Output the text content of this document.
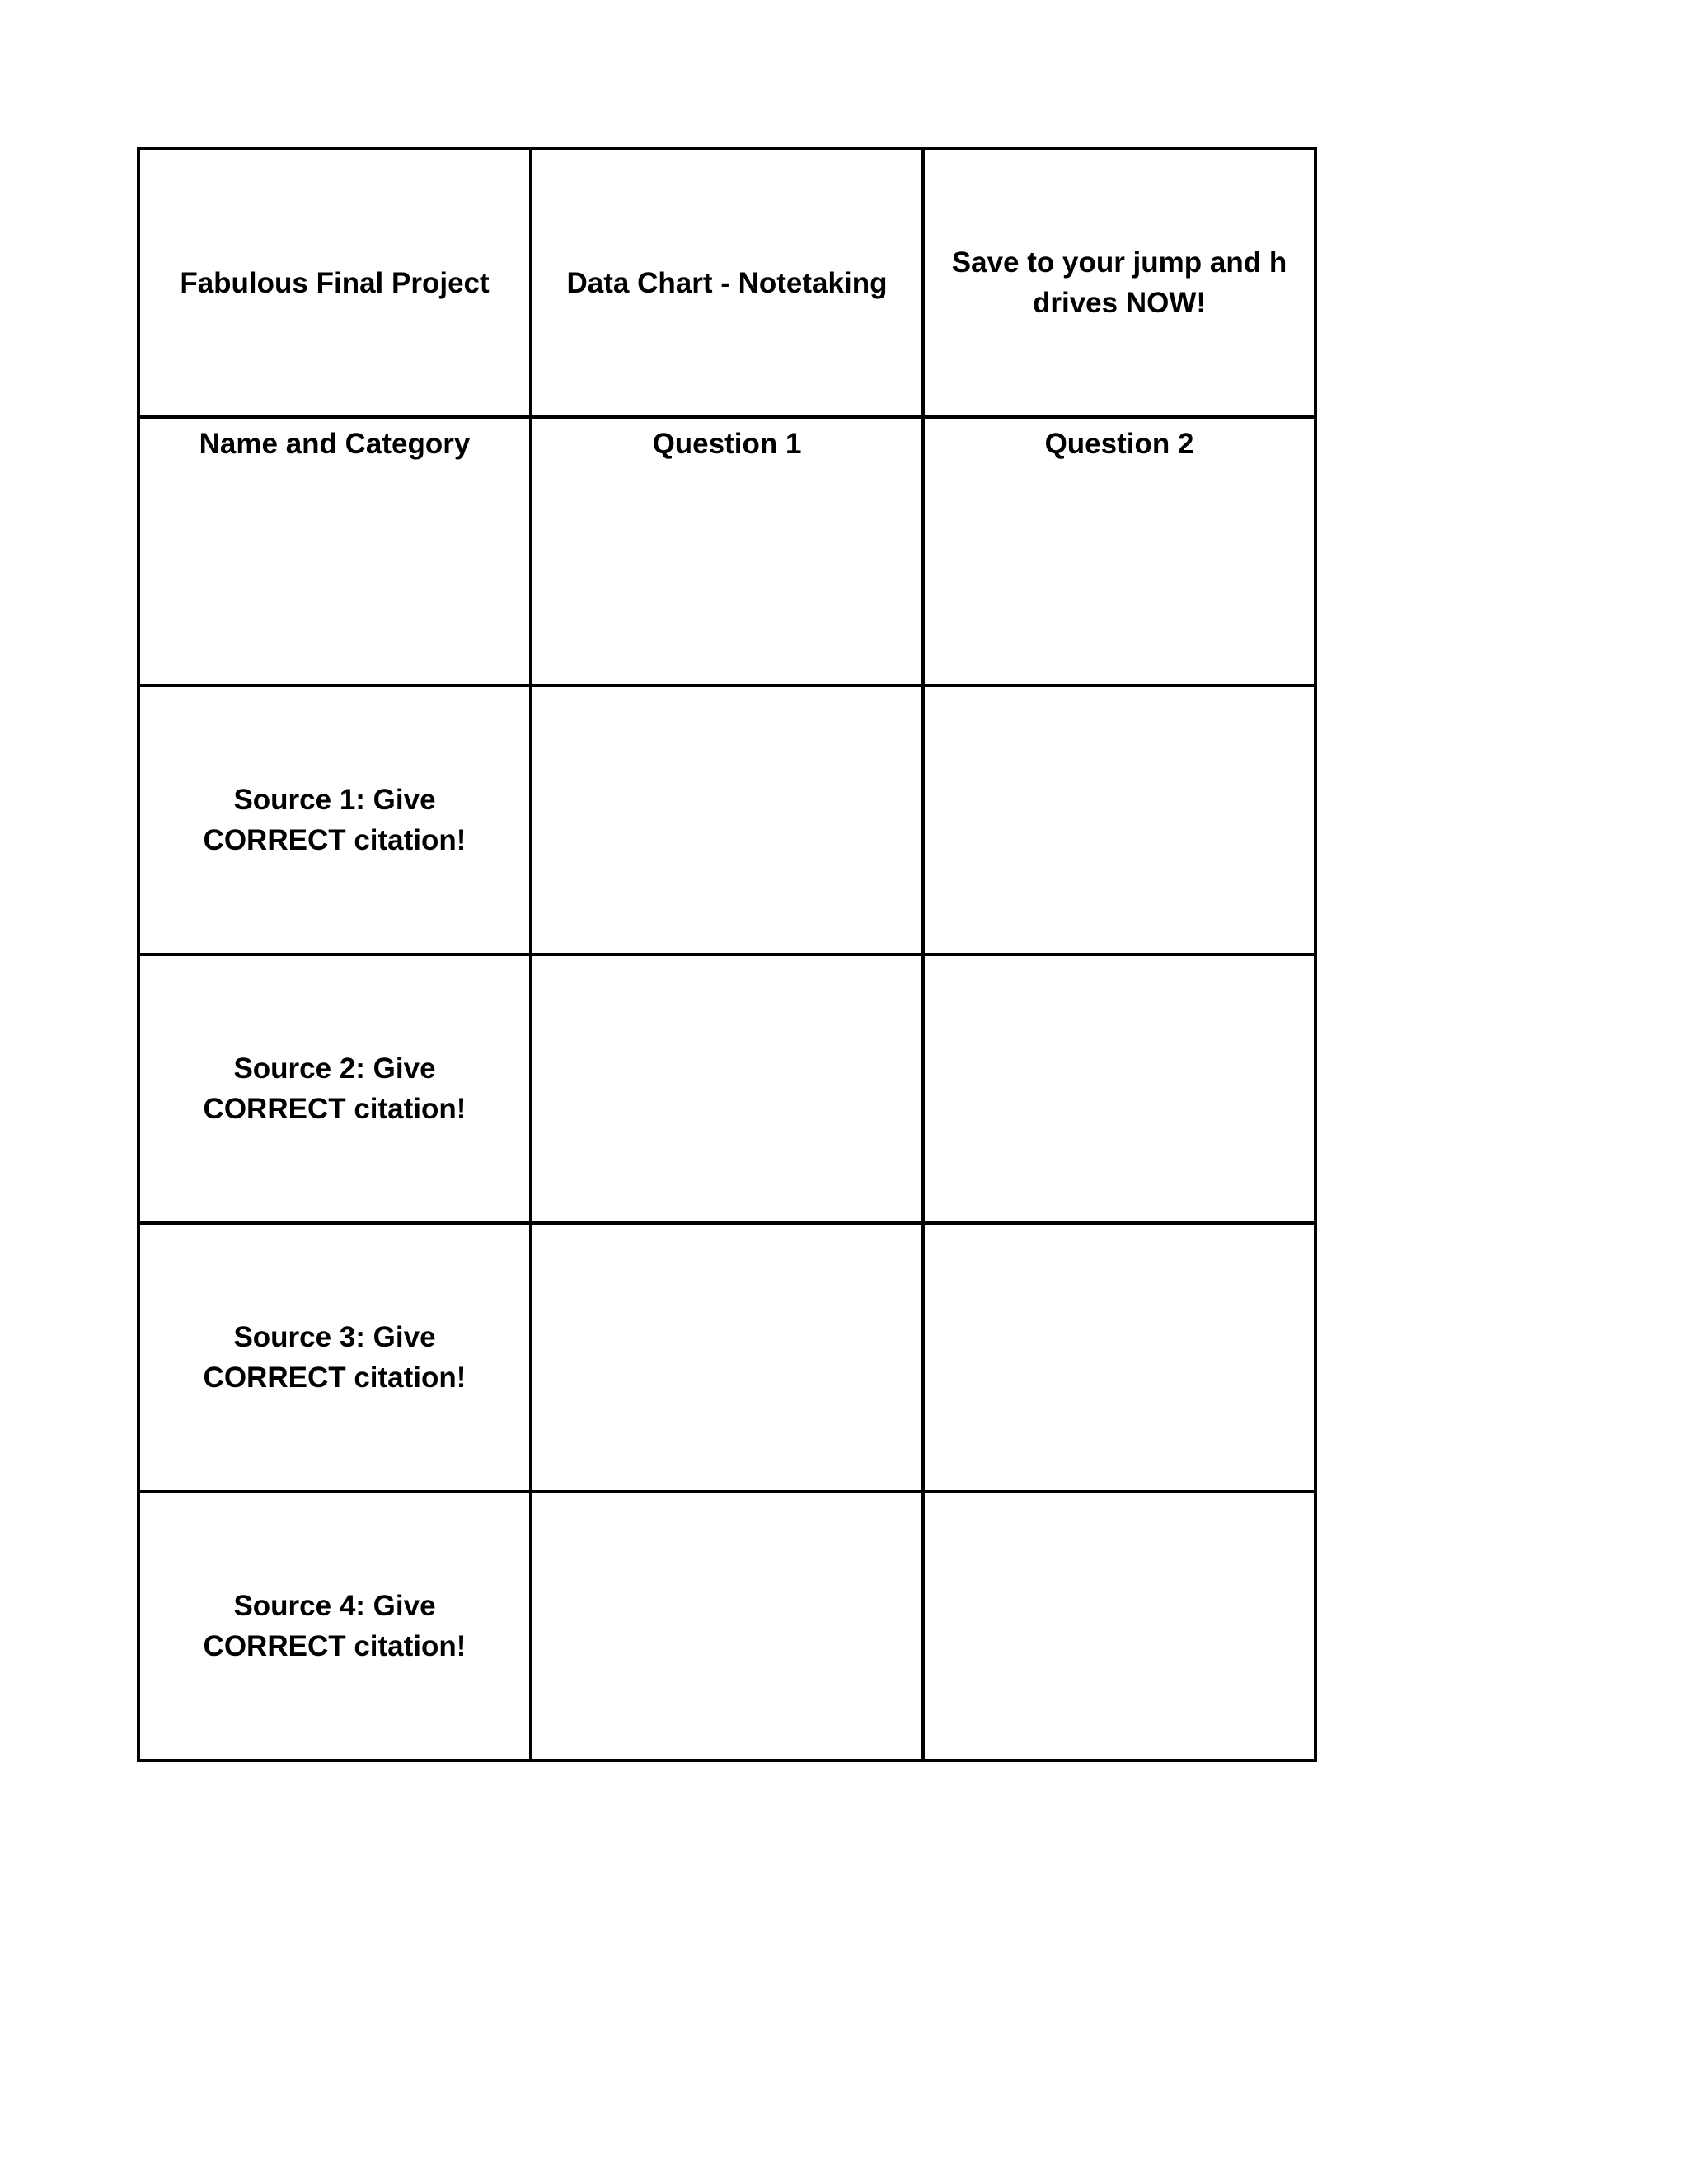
Fabulous Final Project	Data Chart - Notetaking	Save to your jump and h drives NOW!
Name and Category	Question 1	Question 2
Source 1: Give CORRECT citation!		
Source 2: Give CORRECT citation!		
Source 3: Give CORRECT citation!		
Source 4: Give CORRECT citation!		
